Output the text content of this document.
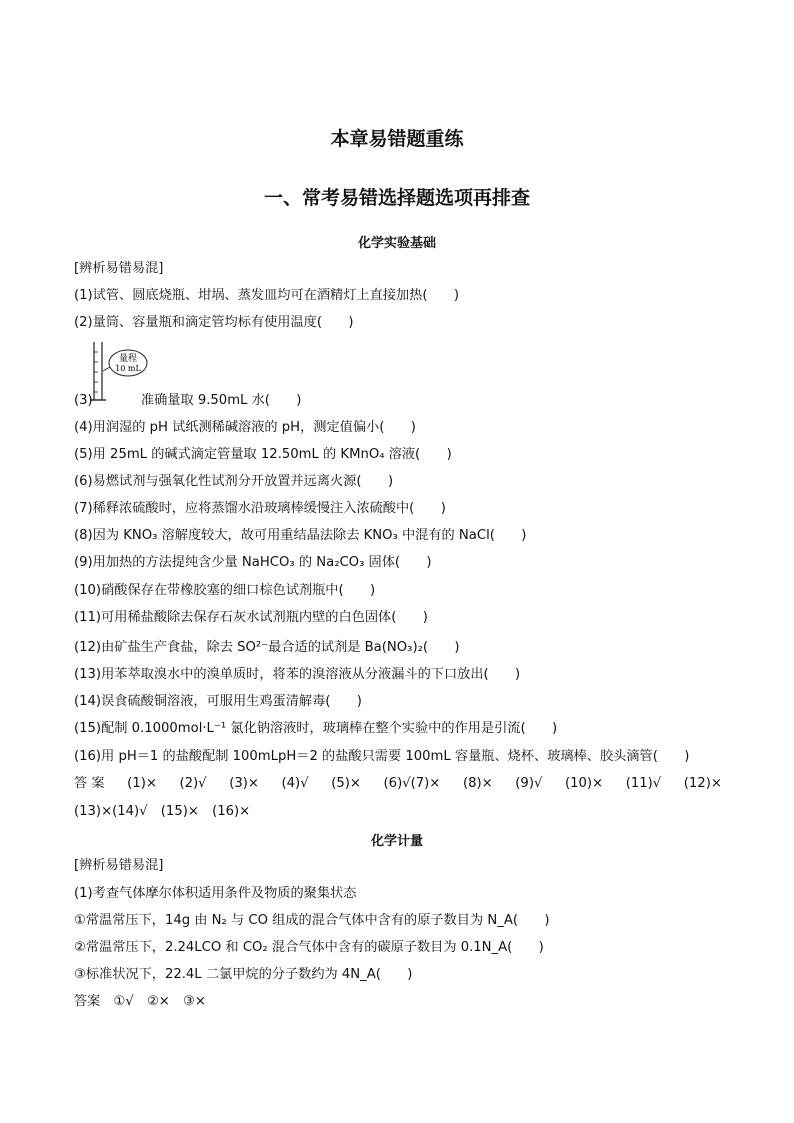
本章易错题重练
一、常考易错选择题选项再排查
化学实验基础
[辨析易错易混]
(1)试管、圆底烧瓶、坩埚、蒸发皿均可在酒精灯上直接加热(　　)
(2)量筒、容量瓶和滴定管均标有使用温度(　　)
量程
10 mL
(3)	准确量取 9.50mL 水(　　)
(4)用润湿的 pH 试纸测稀碱溶液的 pH，测定值偏小(　　)
(5)用 25mL 的碱式滴定管量取 12.50mL 的 KMnO₄ 溶液(　　)
(6)易燃试剂与强氧化性试剂分开放置并远离火源(　　)
(7)稀释浓硫酸时，应将蒸馏水沿玻璃棒缓慢注入浓硫酸中(　　)
(8)因为 KNO₃ 溶解度较大，故可用重结晶法除去 KNO₃ 中混有的 NaCl(　　)
(9)用加热的方法提纯含少量 NaHCO₃ 的 Na₂CO₃ 固体(　　)
(10)硝酸保存在带橡胶塞的细口棕色试剂瓶中(　　)
(11)可用稀盐酸除去保存石灰水试剂瓶内壁的白色固体(　　)
(12)由矿盐生产食盐，除去 SO²⁻最合适的试剂是 Ba(NO₃)₂(　　)
(13)用苯萃取溴水中的溴单质时，将苯的溴溶液从分液漏斗的下口放出(　　)
(14)误食硫酸铜溶液，可服用生鸡蛋清解毒(　　)
(15)配制 0.1000mol·L⁻¹ 氯化钠溶液时，玻璃棒在整个实验中的作用是引流(　　)
(16)用 pH＝1 的盐酸配制 100mLpH＝2 的盐酸只需要 100mL 容量瓶、烧杯、玻璃棒、胶头滴管(　　)
答 案 (1)× (2)√ (3)× (4)√ (5)× (6)√(7)× (8)× (9)√ (10)× (11)√ (12)×
(13)×(14)√　(15)×　(16)×
化学计量
[辨析易错易混]
(1)考查气体摩尔体积适用条件及物质的聚集状态
①常温常压下，14g 由 N₂ 与 CO 组成的混合气体中含有的原子数目为 N_A(　　)
②常温常压下，2.24LCO 和 CO₂ 混合气体中含有的碳原子数目为 0.1N_A(　　)
③标准状况下，22.4L 二氯甲烷的分子数约为 4N_A(　　)
答案　①√　②×　③×
